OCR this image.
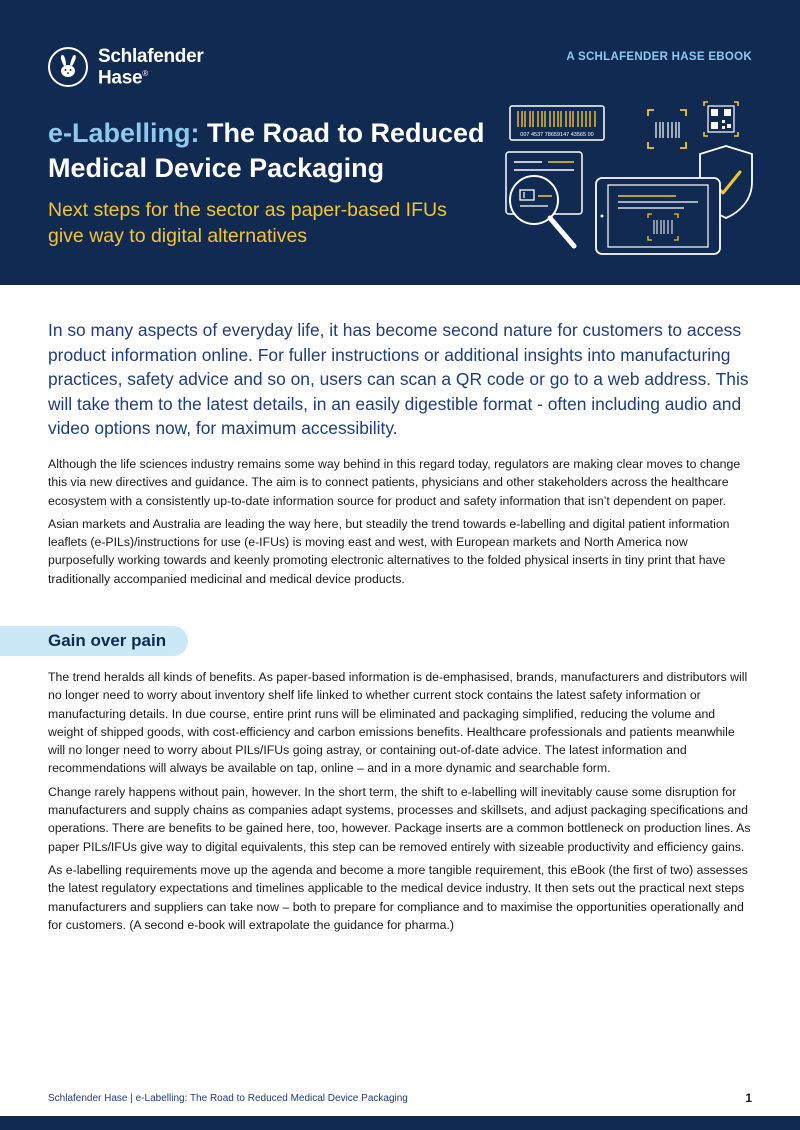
Schlafender
Hase®
A SCHLAFENDER HASE EBOOK
e-Labelling: The Road to Reduced Medical Device Packaging

Next steps for the sector as paper-based IFUs give way to digital alternatives

007 4537 78659147 43565 00

In so many aspects of everyday life, it has become second nature for customers to access product information online. For fuller instructions or additional insights into manufacturing practices, safety advice and so on, users can scan a QR code or go to a web address. This will take them to the latest details, in an easily digestible format - often including audio and video options now, for maximum accessibility.

Although the life sciences industry remains some way behind in this regard today, regulators are making clear moves to change this via new directives and guidance. The aim is to connect patients, physicians and other stakeholders across the healthcare ecosystem with a consistently up-to-date information source for product and safety information that isn’t dependent on paper.

Asian markets and Australia are leading the way here, but steadily the trend towards e-labelling and digital patient information leaflets (e-PILs)/instructions for use (e-IFUs) is moving east and west, with European markets and North America now purposefully working towards and keenly promoting electronic alternatives to the folded physical inserts in tiny print that have traditionally accompanied medicinal and medical device products.

Gain over pain

The trend heralds all kinds of benefits. As paper-based information is de-emphasised, brands, manufacturers and distributors will no longer need to worry about inventory shelf life linked to whether current stock contains the latest safety information or manufacturing details. In due course, entire print runs will be eliminated and packaging simplified, reducing the volume and weight of shipped goods, with cost-efficiency and carbon emissions benefits. Healthcare professionals and patients meanwhile will no longer need to worry about PILs/IFUs going astray, or containing out-of-date advice. The latest information and recommendations will always be available on tap, online – and in a more dynamic and searchable form.

Change rarely happens without pain, however. In the short term, the shift to e-labelling will inevitably cause some disruption for manufacturers and supply chains as companies adapt systems, processes and skillsets, and adjust packaging specifications and operations. There are benefits to be gained here, too, however. Package inserts are a common bottleneck on production lines. As paper PILs/IFUs give way to digital equivalents, this step can be removed entirely with sizeable productivity and efficiency gains.

As e-labelling requirements move up the agenda and become a more tangible requirement, this eBook (the first of two) assesses the latest regulatory expectations and timelines applicable to the medical device industry. It then sets out the practical next steps manufacturers and suppliers can take now – both to prepare for compliance and to maximise the opportunities operationally and for customers. (A second e-book will extrapolate the guidance for pharma.)

Schlafender Hase | e-Labelling: The Road to Reduced Medical Device Packaging	1
